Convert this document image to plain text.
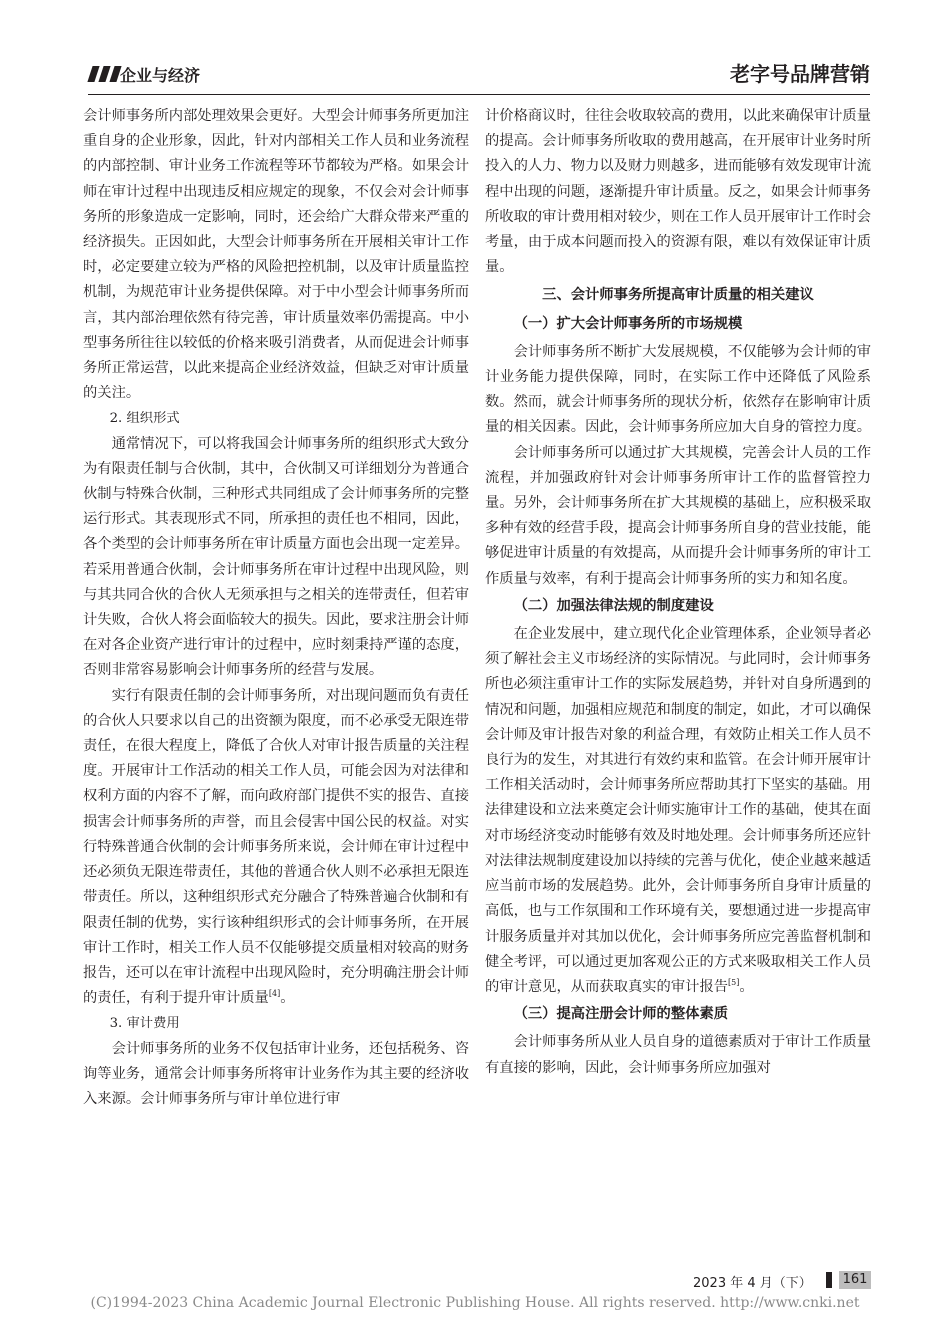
企业与经济	老字号品牌营销

会计师事务所内部处理效果会更好。大型会计师事务所更加注重自身的企业形象，因此，针对内部相关工作人员和业务流程的内部控制、审计业务工作流程等环节都较为严格。如果会计师在审计过程中出现违反相应规定的现象，不仅会对会计师事务所的形象造成一定影响，同时，还会给广大群众带来严重的经济损失。正因如此，大型会计师事务所在开展相关审计工作时，必定要建立较为严格的风险把控机制，以及审计质量监控机制，为规范审计业务提供保障。对于中小型会计师事务所而言，其内部治理依然有待完善，审计质量效率仍需提高。中小型事务所往往以较低的价格来吸引消费者，从而促进会计师事务所正常运营，以此来提高企业经济效益，但缺乏对审计质量的关注。

2. 组织形式

通常情况下，可以将我国会计师事务所的组织形式大致分为有限责任制与合伙制，其中，合伙制又可详细划分为普通合伙制与特殊合伙制，三种形式共同组成了会计师事务所的完整运行形式。其表现形式不同，所承担的责任也不相同，因此，各个类型的会计师事务所在审计质量方面也会出现一定差异。若采用普通合伙制，会计师事务所在审计过程中出现风险，则与其共同合伙的合伙人无须承担与之相关的连带责任，但若审计失败，合伙人将会面临较大的损失。因此，要求注册会计师在对各企业资产进行审计的过程中，应时刻秉持严谨的态度，否则非常容易影响会计师事务所的经营与发展。

实行有限责任制的会计师事务所，对出现问题而负有责任的合伙人只要求以自己的出资额为限度，而不必承受无限连带责任，在很大程度上，降低了合伙人对审计报告质量的关注程度。开展审计工作活动的相关工作人员，可能会因为对法律和权利方面的内容不了解，而向政府部门提供不实的报告、直接损害会计师事务所的声誉，而且会侵害中国公民的权益。对实行特殊普通合伙制的会计师事务所来说，会计师在审计过程中还必须负无限连带责任，其他的普通合伙人则不必承担无限连带责任。所以，这种组织形式充分融合了特殊普遍合伙制和有限责任制的优势，实行该种组织形式的会计师事务所，在开展审计工作时，相关工作人员不仅能够提交质量相对较高的财务报告，还可以在审计流程中出现风险时，充分明确注册会计师的责任，有利于提升审计质量[4]。

3. 审计费用

会计师事务所的业务不仅包括审计业务，还包括税务、咨询等业务，通常会计师事务所将审计业务作为其主要的经济收入来源。会计师事务所与审计单位进行审

计价格商议时，往往会收取较高的费用，以此来确保审计质量的提高。会计师事务所收取的费用越高，在开展审计业务时所投入的人力、物力以及财力则越多，进而能够有效发现审计流程中出现的问题，逐渐提升审计质量。反之，如果会计师事务所收取的审计费用相对较少，则在工作人员开展审计工作时会考量，由于成本问题而投入的资源有限，难以有效保证审计质量。

三、会计师事务所提高审计质量的相关建议
（一）扩大会计师事务所的市场规模

会计师事务所不断扩大发展规模，不仅能够为会计师的审计业务能力提供保障，同时，在实际工作中还降低了风险系数。然而，就会计师事务所的现状分析，依然存在影响审计质量的相关因素。因此，会计师事务所应加大自身的管控力度。

会计师事务所可以通过扩大其规模，完善会计人员的工作流程，并加强政府针对会计师事务所审计工作的监督管控力量。另外，会计师事务所在扩大其规模的基础上，应积极采取多种有效的经营手段，提高会计师事务所自身的营业技能，能够促进审计质量的有效提高，从而提升会计师事务所的审计工作质量与效率，有利于提高会计师事务所的实力和知名度。

（二）加强法律法规的制度建设

在企业发展中，建立现代化企业管理体系，企业领导者必须了解社会主义市场经济的实际情况。与此同时，会计师事务所也必须注重审计工作的实际发展趋势，并针对自身所遇到的情况和问题，加强相应规范和制度的制定，如此，才可以确保会计师及审计报告对象的利益合理，有效防止相关工作人员不良行为的发生，对其进行有效约束和监管。在会计师开展审计工作相关活动时，会计师事务所应帮助其打下坚实的基础。用法律建设和立法来奠定会计师实施审计工作的基础，使其在面对市场经济变动时能够有效及时地处理。会计师事务所还应针对法律法规制度建设加以持续的完善与优化，使企业越来越适应当前市场的发展趋势。此外，会计师事务所自身审计质量的高低，也与工作氛围和工作环境有关，要想通过进一步提高审计服务质量并对其加以优化，会计师事务所应完善监督机制和健全考评，可以通过更加客观公正的方式来吸取相关工作人员的审计意见，从而获取真实的审计报告[5]。

（三）提高注册会计师的整体素质

会计师事务所从业人员自身的道德素质对于审计工作质量有直接的影响，因此，会计师事务所应加强对

2023 年 4 月（下） 161
(C)1994-2023 China Academic Journal Electronic Publishing House. All rights reserved. http://www.cnki.net
